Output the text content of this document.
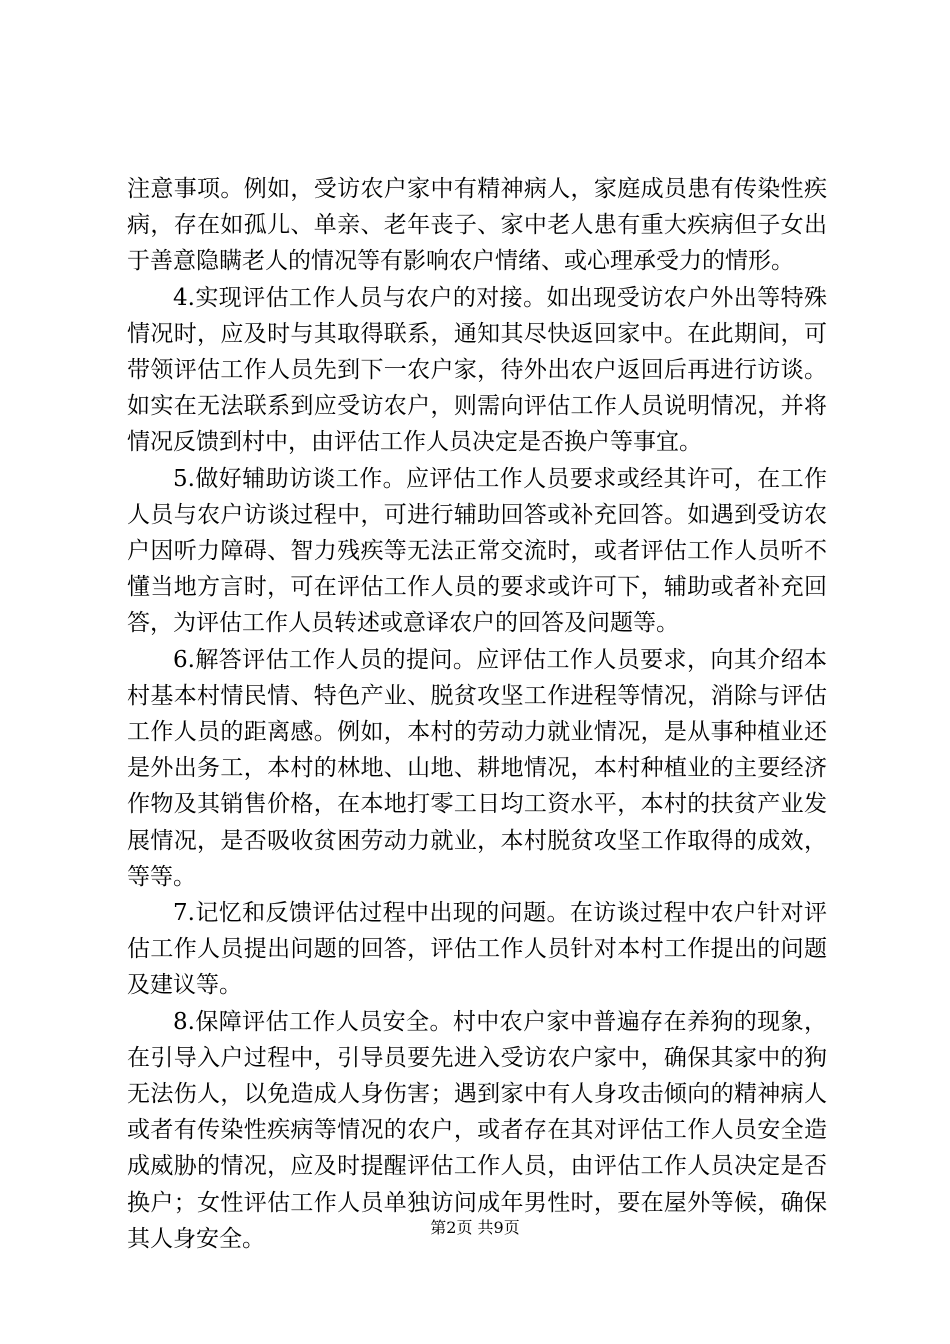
注意事项。例如，受访农户家中有精神病人，家庭成员患有传染性疾病，存在如孤儿、单亲、老年丧子、家中老人患有重大疾病但子女出于善意隐瞒老人的情况等有影响农户情绪、或心理承受力的情形。

4.实现评估工作人员与农户的对接。如出现受访农户外出等特殊情况时，应及时与其取得联系，通知其尽快返回家中。在此期间，可带领评估工作人员先到下一农户家，待外出农户返回后再进行访谈。如实在无法联系到应受访农户，则需向评估工作人员说明情况，并将情况反馈到村中，由评估工作人员决定是否换户等事宜。

5.做好辅助访谈工作。应评估工作人员要求或经其许可，在工作人员与农户访谈过程中，可进行辅助回答或补充回答。如遇到受访农户因听力障碍、智力残疾等无法正常交流时，或者评估工作人员听不懂当地方言时，可在评估工作人员的要求或许可下，辅助或者补充回答，为评估工作人员转述或意译农户的回答及问题等。

6.解答评估工作人员的提问。应评估工作人员要求，向其介绍本村基本村情民情、特色产业、脱贫攻坚工作进程等情况，消除与评估工作人员的距离感。例如，本村的劳动力就业情况，是从事种植业还是外出务工，本村的林地、山地、耕地情况，本村种植业的主要经济作物及其销售价格，在本地打零工日均工资水平，本村的扶贫产业发展情况，是否吸收贫困劳动力就业，本村脱贫攻坚工作取得的成效，等等。

7.记忆和反馈评估过程中出现的问题。在访谈过程中农户针对评估工作人员提出问题的回答，评估工作人员针对本村工作提出的问题及建议等。

8.保障评估工作人员安全。村中农户家中普遍存在养狗的现象，在引导入户过程中，引导员要先进入受访农户家中，确保其家中的狗无法伤人，以免造成人身伤害；遇到家中有人身攻击倾向的精神病人或者有传染性疾病等情况的农户，或者存在其对评估工作人员安全造成威胁的情况，应及时提醒评估工作人员，由评估工作人员决定是否换户；女性评估工作人员单独访问成年男性时，要在屋外等候，确保其人身安全。	第2页 共9页
